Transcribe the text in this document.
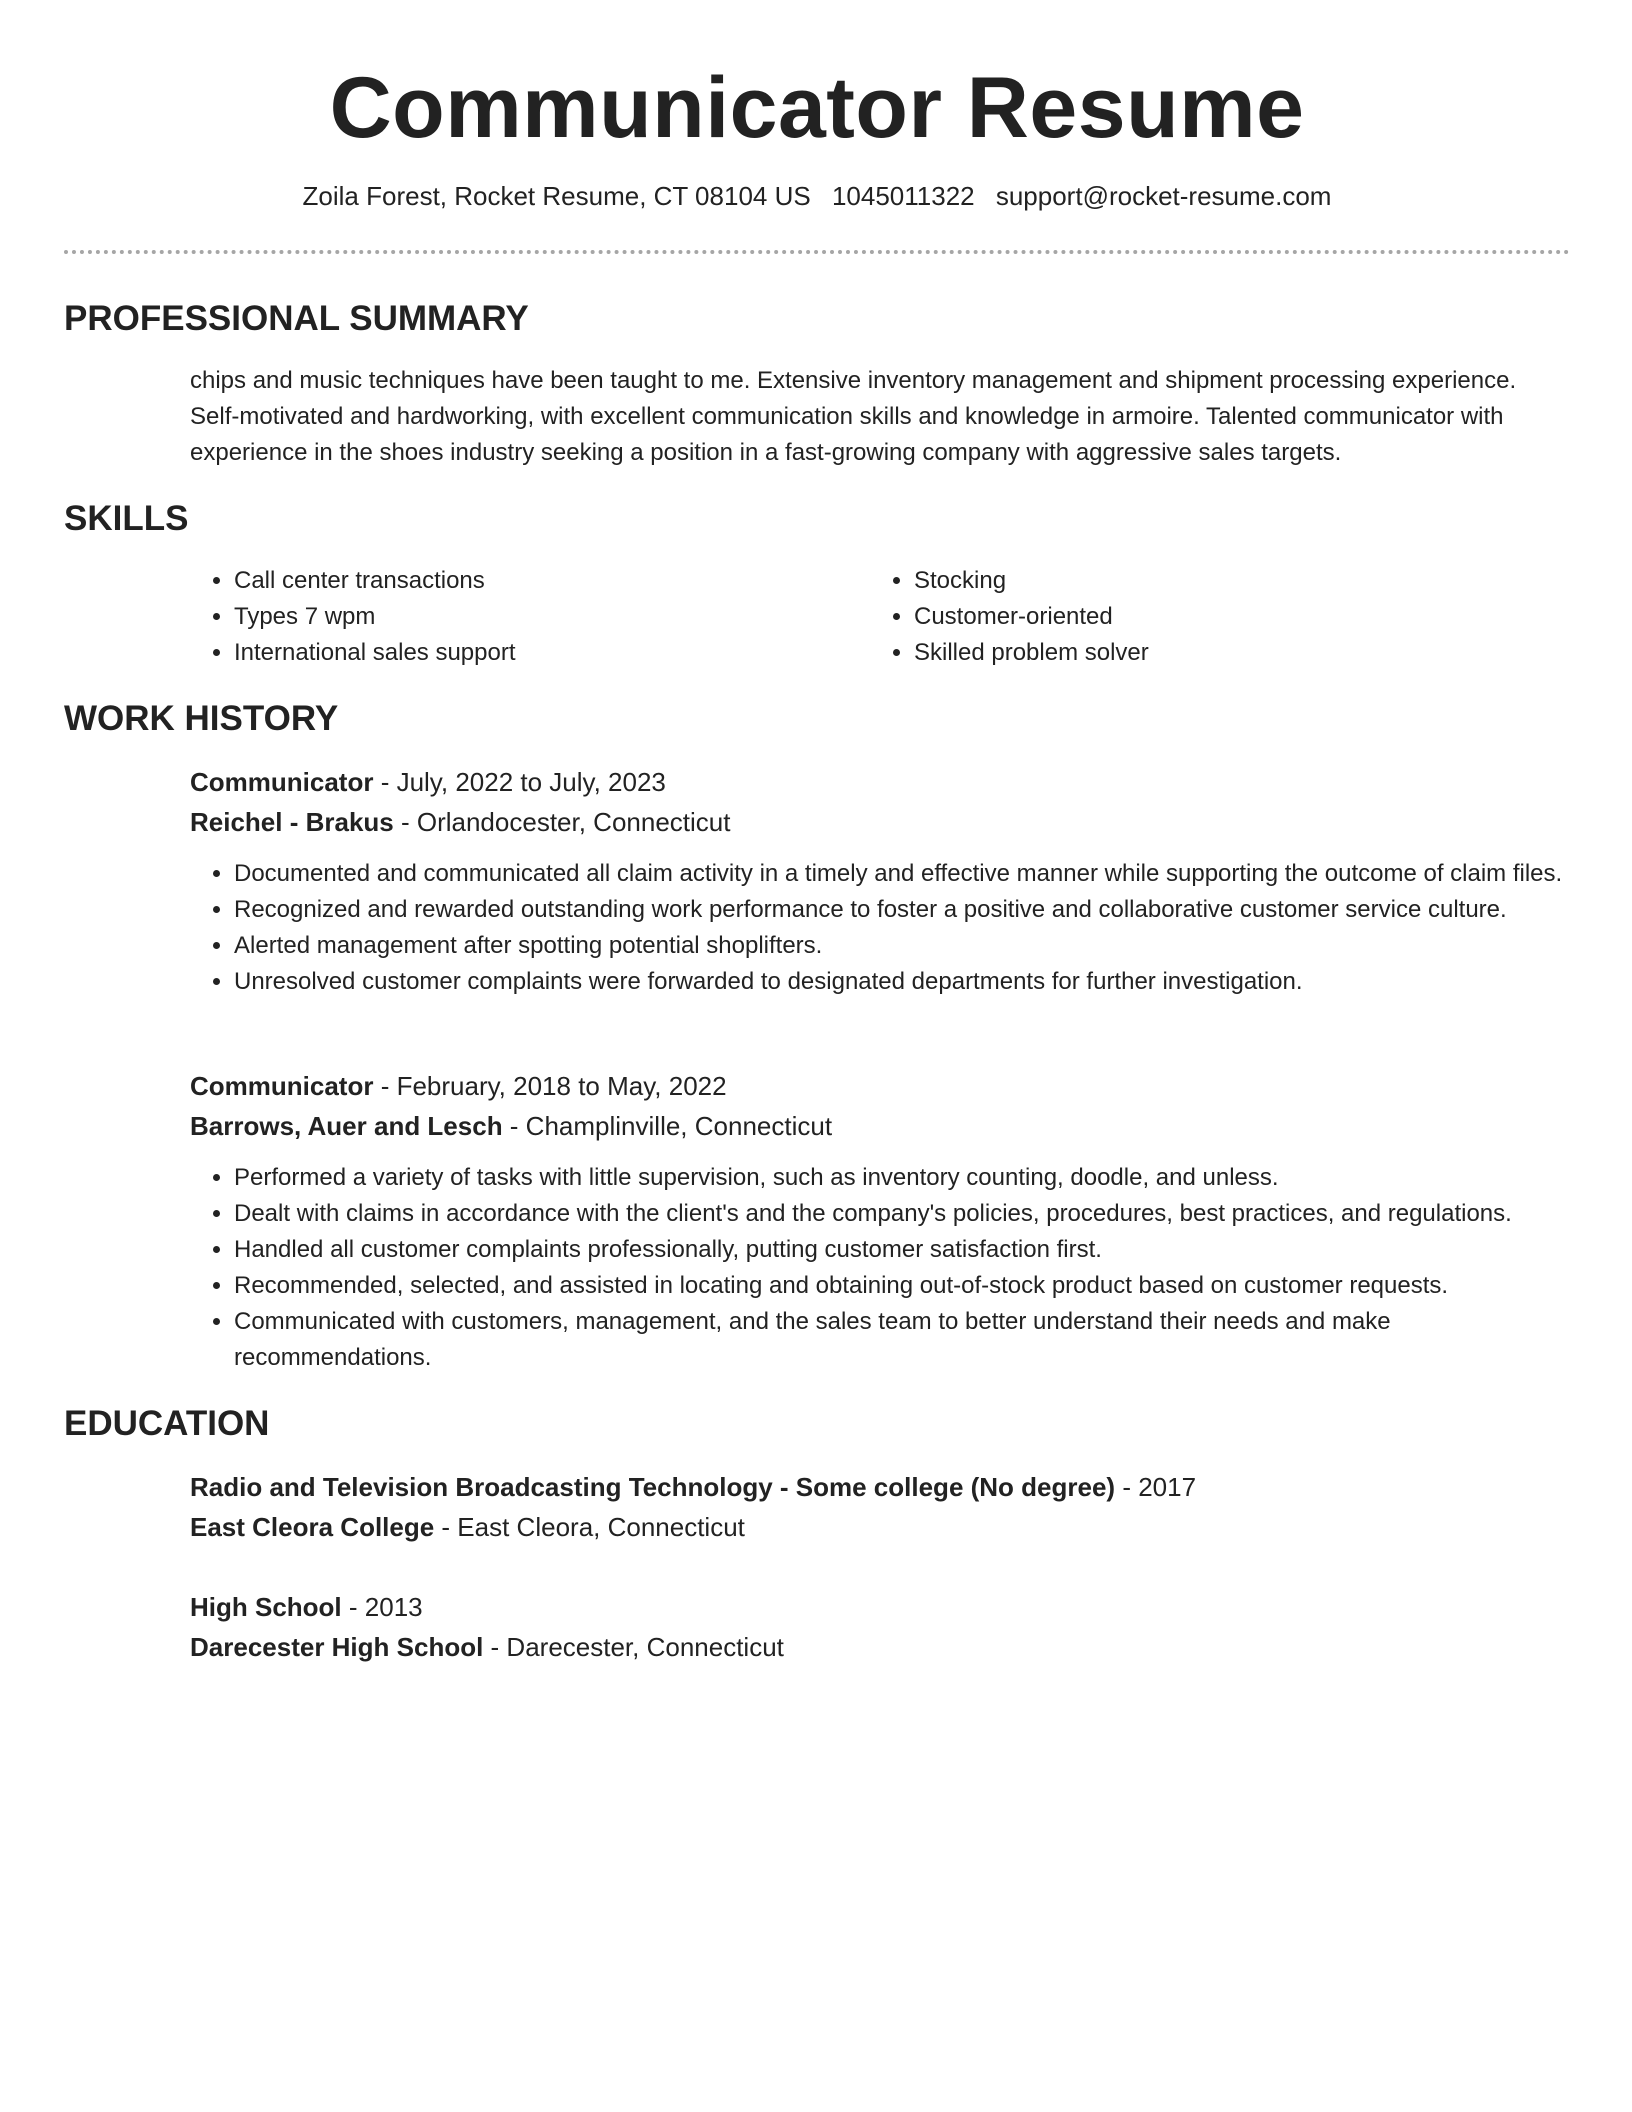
Communicator Resume
Zoila Forest, Rocket Resume, CT 08104 US 1045011322 support@rocket-resume.com
PROFESSIONAL SUMMARY

chips and music techniques have been taught to me. Extensive inventory management and shipment processing experience. Self-motivated and hardworking, with excellent communication skills and knowledge in armoire. Talented communicator with experience in the shoes industry seeking a position in a fast-growing company with aggressive sales targets.

SKILLS
• Call center transactions
• Types 7 wpm
• International sales support
• Stocking
• Customer-oriented
• Skilled problem solver
WORK HISTORY
Communicator - July, 2022 to July, 2023
Reichel - Brakus - Orlandocester, Connecticut
• Documented and communicated all claim activity in a timely and effective manner while supporting the outcome of claim files.
• Recognized and rewarded outstanding work performance to foster a positive and collaborative customer service culture.
• Alerted management after spotting potential shoplifters.
• Unresolved customer complaints were forwarded to designated departments for further investigation.
Communicator - February, 2018 to May, 2022
Barrows, Auer and Lesch - Champlinville, Connecticut
• Performed a variety of tasks with little supervision, such as inventory counting, doodle, and unless.
• Dealt with claims in accordance with the client's and the company's policies, procedures, best practices, and regulations.
• Handled all customer complaints professionally, putting customer satisfaction first.
• Recommended, selected, and assisted in locating and obtaining out-of-stock product based on customer requests.
• Communicated with customers, management, and the sales team to better understand their needs and make recommendations.
EDUCATION
Radio and Television Broadcasting Technology - Some college (No degree) - 2017
East Cleora College - East Cleora, Connecticut
High School - 2013
Darecester High School - Darecester, Connecticut
